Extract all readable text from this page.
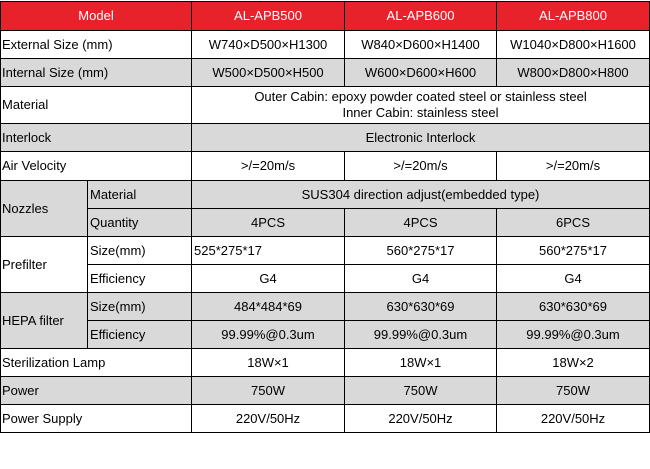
Model		AL-APB500	AL-APB600	AL-APB800
External Size (mm)		W740×D500×H1300	W840×D600×H1400	W1040×D800×H1600
Internal Size (mm)		W500×D500×H500	W600×D600×H600	W800×D800×H800
Material		Outer Cabin: epoxy powder coated steel or stainless steel
Inner Cabin: stainless steel		

Interlock		Electronic Interlock		
Air Velocity		>/=20m/s	>/=20m/s	>/=20m/s
Nozzles	Material	SUS304 direction adjust(embedded type)		
	Quantity	4PCS	4PCS	6PCS
Prefilter	Size(mm)	525*275*17	560*275*17	560*275*17
	Efficiency	G4	G4	G4
HEPA filter	Size(mm)	484*484*69	630*630*69	630*630*69
	Efficiency	99.99%@0.3um	99.99%@0.3um	99.99%@0.3um
Sterilization Lamp		18W×1	18W×1	18W×2
Power		750W	750W	750W
Power Supply		220V/50Hz	220V/50Hz	220V/50Hz
